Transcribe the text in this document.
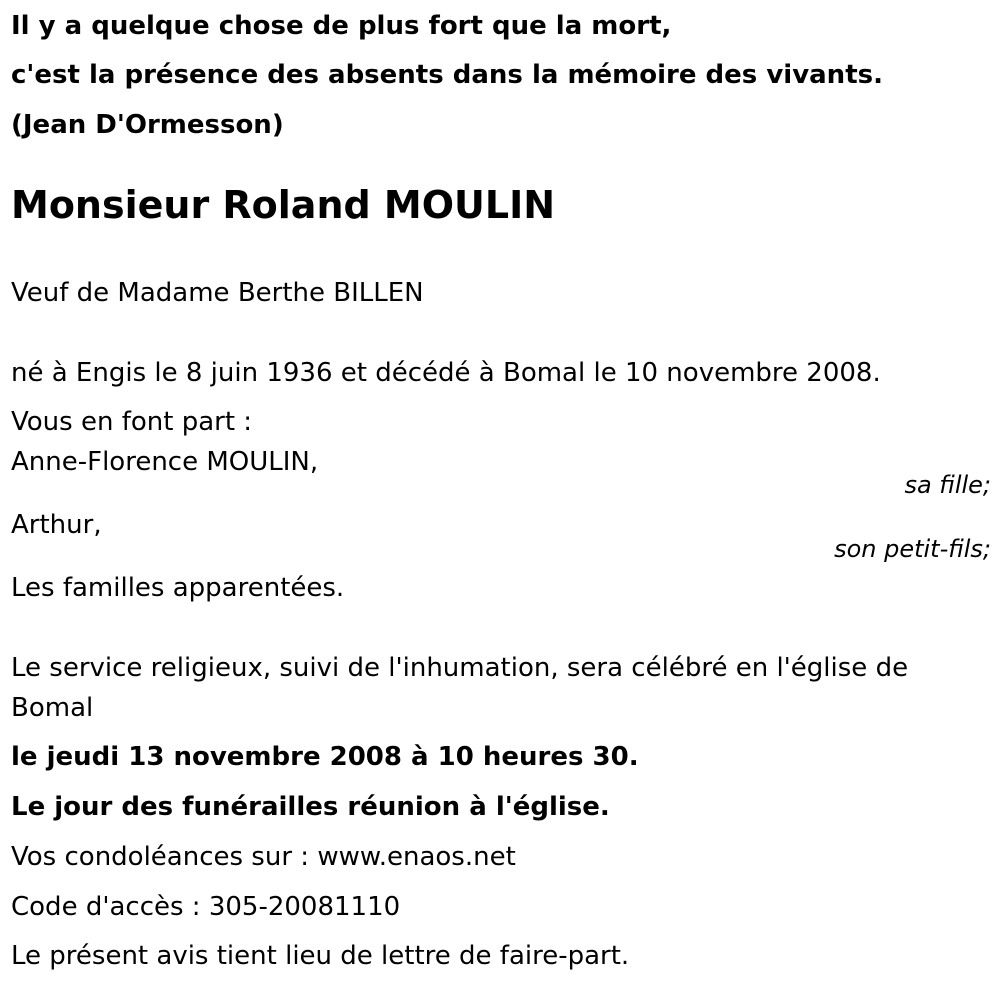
Il y a quelque chose de plus fort que la mort,
c'est la présence des absents dans la mémoire des vivants.
(Jean D'Ormesson)
Monsieur Roland MOULIN
Veuf de Madame Berthe BILLEN
né à Engis le 8 juin 1936 et décédé à Bomal le 10 novembre 2008.
Vous en font part :
Anne-Florence MOULIN,
sa fille;
Arthur,
son petit-fils;
Les familles apparentées.
Le service religieux, suivi de l'inhumation, sera célébré en l'église de
Bomal
le jeudi 13 novembre 2008 à 10 heures 30.
Le jour des funérailles réunion à l'église.
Vos condoléances sur : www.enaos.net
Code d'accès : 305-20081110
Le présent avis tient lieu de lettre de faire-part.
